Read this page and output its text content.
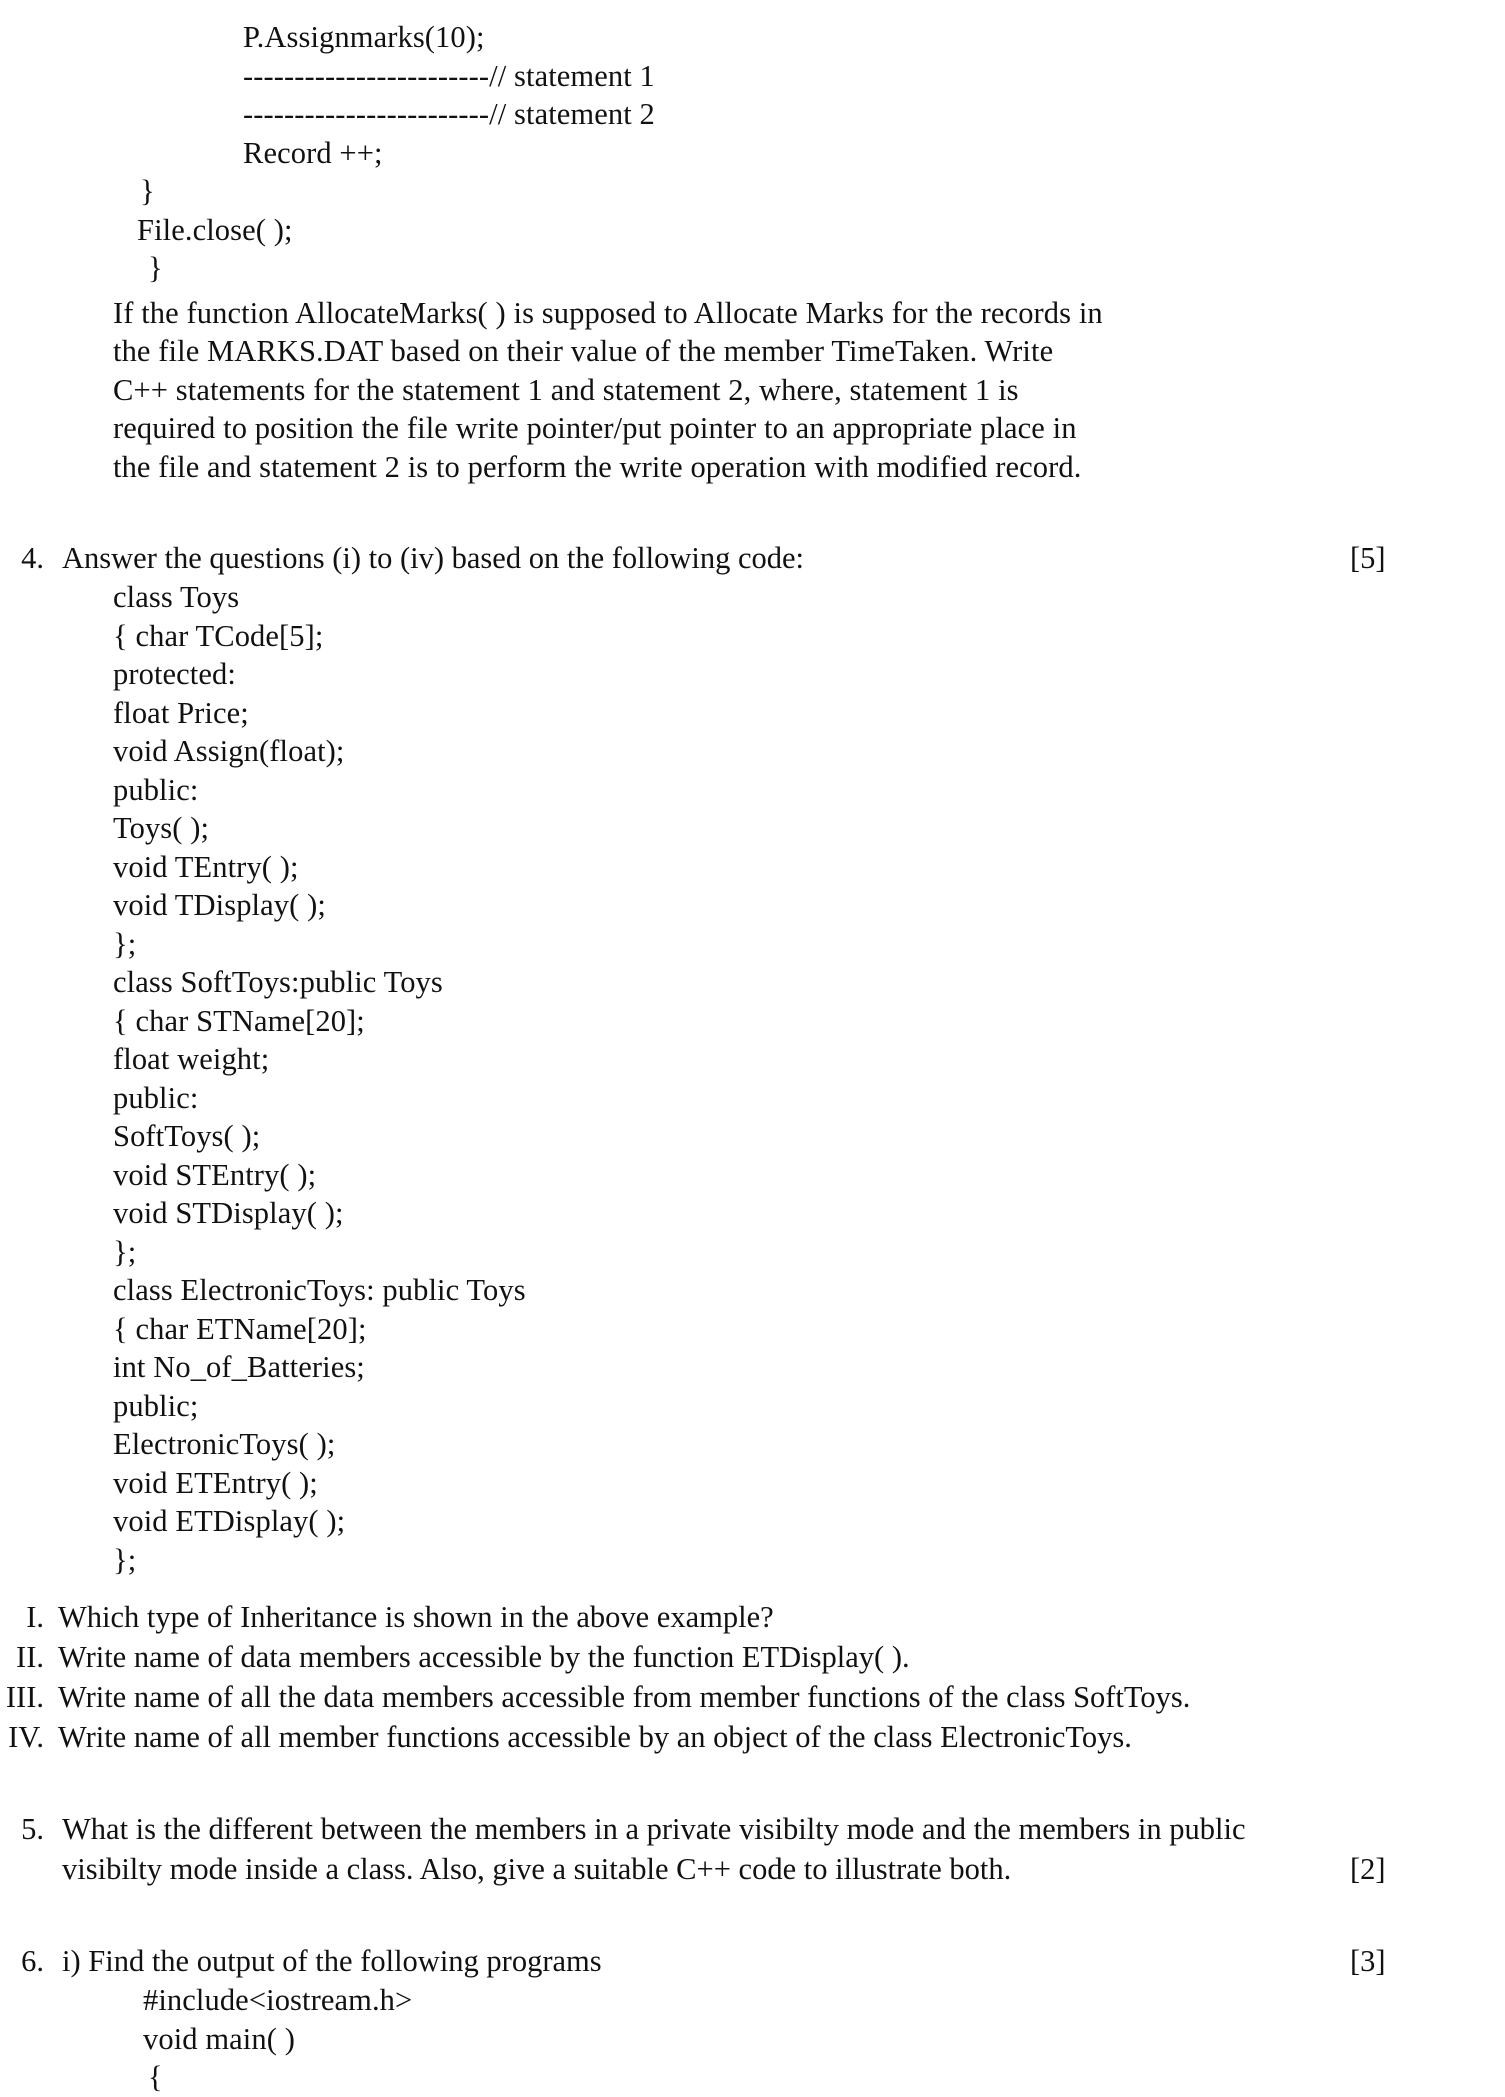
P.Assignmarks(10);
------------------------// statement 1
------------------------// statement 2
Record ++;
}
File.close( );
}
If the function AllocateMarks( ) is supposed to Allocate Marks for the records in the file MARKS.DAT based on their value of the member TimeTaken. Write C++ statements for the statement 1 and statement 2, where, statement 1 is required to position the file write pointer/put pointer to an appropriate place in the file and statement 2 is to perform the write operation with modified record.
4. Answer the questions (i) to (iv) based on the following code:	[5]
class Toys
{ char TCode[5];
protected:
float Price;
void Assign(float);
public:
Toys( );
void TEntry( );
void TDisplay( );
};
class SoftToys:public Toys
{ char STName[20];
float weight;
public:
SoftToys( );
void STEntry( );
void STDisplay( );
};
class ElectronicToys: public Toys
{ char ETName[20];
int No_of_Batteries;
public;
ElectronicToys( );
void ETEntry( );
void ETDisplay( );
};
I. Which type of Inheritance is shown in the above example?
II. Write name of data members accessible by the function ETDisplay( ).
III. Write name of all the data members accessible from member functions of the class SoftToys.
IV. Write name of all member functions accessible by an object of the class ElectronicToys.
5. What is the different between the members in a private visibilty mode and the members in public
visibilty mode inside a class. Also, give a suitable C++ code to illustrate both.	[2]
6. i) Find the output of the following programs	[3]
#include<iostream.h>
void main( )
{
